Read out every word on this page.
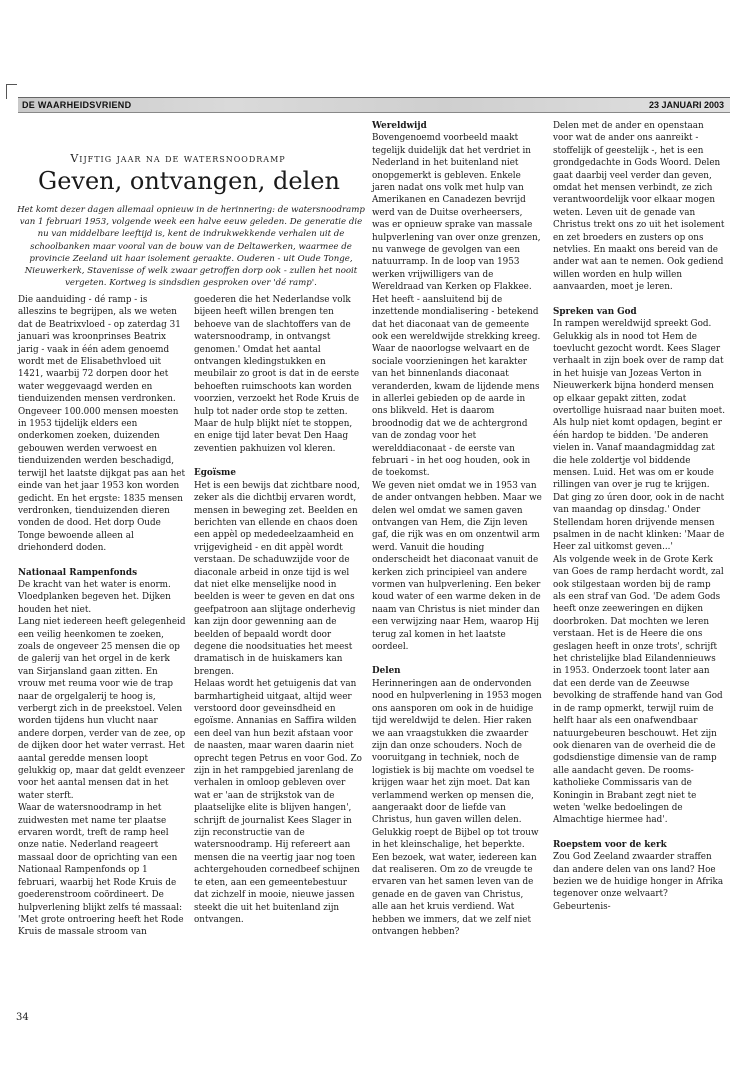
DE WAARHEIDSVRIEND	23 JANUARI 2003
Vijftig jaar na de watersnoodramp
Geven, ontvangen, delen
Het komt dezer dagen allemaal opnieuw in de herinnering: de watersnoodramp van 1 februari 1953, volgende week een halve eeuw geleden. De generatie die nu van middelbare leeftijd is, kent de indrukwekkende verhalen uit de schoolbanken maar vooral van de bouw van de Deltawerken, waarmee de provincie Zeeland uit haar isolement geraakte. Ouderen - uit Oude Tonge, Nieuwerkerk, Stavenisse of welk zwaar getroffen dorp ook - zullen het nooit vergeten. Kortweg is sindsdien gesproken over 'dé ramp'.

Die aanduiding - dé ramp - is alleszins te begrijpen, als we weten dat de Beatrixvloed - op zaterdag 31 januari was kroonprinses Beatrix jarig - vaak in één adem genoemd wordt met de Elisabethvloed uit 1421, waarbij 72 dorpen door het water weggevaagd werden en tienduizenden mensen verdronken. Ongeveer 100.000 mensen moesten in 1953 tijdelijk elders een onderkomen zoeken, duizenden gebouwen werden verwoest en tienduizenden werden beschadigd, terwijl het laatste dijkgat pas aan het einde van het jaar 1953 kon worden gedicht. En het ergste: 1835 mensen verdronken, tienduizenden dieren vonden de dood. Het dorp Oude Tonge bewoende alleen al driehonderd doden.

Nationaal Rampenfonds

De kracht van het water is enorm. Vloedplanken begeven het. Dijken houden het niet.

Lang niet iedereen heeft gelegenheid een veilig heenkomen te zoeken, zoals de ongeveer 25 mensen die op de galerij van het orgel in de kerk van Sirjansland gaan zitten. En vrouw met reuma voor wie de trap naar de orgelgalerij te hoog is, verbergt zich in de preekstoel. Velen worden tijdens hun vlucht naar andere dorpen, verder van de zee, op de dijken door het water verrast. Het aantal geredde mensen loopt gelukkig op, maar dat geldt evenzeer voor het aantal mensen dat in het water sterft.

Waar de watersnoodramp in het zuidwesten met name ter plaatse ervaren wordt, treft de ramp heel onze natie. Nederland reageert massaal door de oprichting van een Nationaal Rampenfonds op 1 februari, waarbij het Rode Kruis de goederenstroom coördineert. De hulpverlening blijkt zelfs té massaal: 'Met grote ontroering heeft het Rode Kruis de massale stroom van

goederen die het Nederlandse volk bijeen heeft willen brengen ten behoeve van de slachtoffers van de watersnoodramp, in ontvangst genomen.' Omdat het aantal ontvangen kledingstukken en meubilair zo groot is dat in de eerste behoeften ruimschoots kan worden voorzien, verzoekt het Rode Kruis de hulp tot nader orde stop te zetten. Maar de hulp blijkt níet te stoppen, en enige tijd later bevat Den Haag zeventien pakhuizen vol kleren.

Egoïsme

Het is een bewijs dat zichtbare nood, zeker als die dichtbij ervaren wordt, mensen in beweging zet. Beelden en berichten van ellende en chaos doen een appèl op mededeelzaamheid en vrijgevigheid - en dit appèl wordt verstaan. De schaduwzijde voor de diaconale arbeid in onze tijd is wel dat niet elke menselijke nood in beelden is weer te geven en dat ons geefpatroon aan slijtage onderhevig kan zijn door gewenning aan de beelden of bepaald wordt door degene die noodsituaties het meest dramatisch in de huiskamers kan brengen.

Helaas wordt het getuigenis dat van barmhartigheid uitgaat, altijd weer verstoord door geveinsdheid en egoïsme. Annanias en Saffira wilden een deel van hun bezit afstaan voor de naasten, maar waren daarin niet oprecht tegen Petrus en voor God. Zo zijn in het rampgebied jarenlang de verhalen in omloop gebleven over wat er 'aan de strijkstok van de plaatselijke elite is blijven hangen', schrijft de journalist Kees Slager in zijn reconstructie van de watersnoodramp. Hij refereert aan mensen die na veertig jaar nog toen achtergehouden cornedbeef schijnen te eten, aan een gemeentebestuur dat zichzelf in mooie, nieuwe jassen steekt die uit het buitenland zijn ontvangen.

Wereldwijd

Bovengenoemd voorbeeld maakt tegelijk duidelijk dat het verdriet in Nederland in het buitenland niet onopgemerkt is gebleven. Enkele jaren nadat ons volk met hulp van Amerikanen en Canadezen bevrijd werd van de Duitse overheersers, was er opnieuw sprake van massale hulpverlening van over onze grenzen, nu vanwege de gevolgen van een natuurramp. In de loop van 1953 werken vrijwilligers van de Wereldraad van Kerken op Flakkee. Het heeft - aansluitend bij de inzettende mondialisering - betekend dat het diaconaat van de gemeente ook een wereldwijde strekking kreeg. Waar de naoorlogse welvaart en de sociale voorzieningen het karakter van het binnenlands diaconaat veranderden, kwam de lijdende mens in allerlei gebieden op de aarde in ons blikveld. Het is daarom broodnodig dat we de achtergrond van de zondag voor het werelddiaconaat - de eerste van februari - in het oog houden, ook in de toekomst.

We geven niet omdat we in 1953 van de ander ontvangen hebben. Maar we delen wel omdat we samen gaven ontvangen van Hem, die Zijn leven gaf, die rijk was en om onzentwil arm werd. Vanuit die houding onderscheidt het diaconaat vanuit de kerken zich principieel van andere vormen van hulpverlening. Een beker koud water of een warme deken in de naam van Christus is niet minder dan een verwijzing naar Hem, waarop Hij terug zal komen in het laatste oordeel.

Delen

Herinneringen aan de ondervonden nood en hulpverlening in 1953 mogen ons aansporen om ook in de huidige tijd wereldwijd te delen. Hier raken we aan vraagstukken die zwaarder zijn dan onze schouders. Noch de vooruitgang in techniek, noch de logistiek is bij machte om voedsel te krijgen waar het zijn moet. Dat kan verlammend werken op mensen die, aangeraakt door de liefde van Christus, hun gaven willen delen. Gelukkig roept de Bijbel op tot trouw in het kleinschalige, het beperkte. Een bezoek, wat water, iedereen kan dat realiseren. Om zo de vreugde te ervaren van het samen leven van de genade en de gaven van Christus, alle aan het kruis verdiend. Wat hebben we immers, dat we zelf niet ontvangen hebben?

Delen met de ander en openstaan voor wat de ander ons aanreikt - stoffelijk of geestelijk -, het is een grondgedachte in Gods Woord. Delen gaat daarbij veel verder dan geven, omdat het mensen verbindt, ze zich verantwoordelijk voor elkaar mogen weten. Leven uit de genade van Christus trekt ons zo uit het isolement en zet broeders en zusters op ons netvlies. En maakt ons bereid van de ander wat aan te nemen. Ook gediend willen worden en hulp willen aanvaarden, moet je leren.

Spreken van God

In rampen wereldwijd spreekt God. Gelukkig als in nood tot Hem de toevlucht gezocht wordt. Kees Slager verhaalt in zijn boek over de ramp dat in het huisje van Jozeas Verton in Nieuwerkerk bijna honderd mensen op elkaar gepakt zitten, zodat overtollige huisraad naar buiten moet. Als hulp niet komt opdagen, begint er één hardop te bidden. 'De anderen vielen in. Vanaf maandagmiddag zat die hele zoldertje vol biddende mensen. Luid. Het was om er koude rillingen van over je rug te krijgen. Dat ging zo úren door, ook in de nacht van maandag op dinsdag.' Onder Stellendam horen drijvende mensen psalmen in de nacht klinken: 'Maar de Heer zal uitkomst geven...'

Als volgende week in de Grote Kerk van Goes de ramp herdacht wordt, zal ook stilgestaan worden bij de ramp als een straf van God. 'De adem Gods heeft onze zeeweringen en dijken doorbroken. Dat mochten we leren verstaan. Het is de Heere die ons geslagen heeft in onze trots', schrijft het christelijke blad Eilandennieuws in 1953. Onderzoek toont later aan dat een derde van de Zeeuwse bevolking de straffende hand van God in de ramp opmerkt, terwijl ruim de helft haar als een onafwendbaar natuurgebeuren beschouwt. Het zijn ook dienaren van de overheid die de godsdienstige dimensie van de ramp alle aandacht geven. De rooms-katholieke Commissaris van de Koningin in Brabant zegt niet te weten 'welke bedoelingen de Almachtige hiermee had'.

Roepstem voor de kerk

Zou God Zeeland zwaarder straffen dan andere delen van ons land? Hoe bezien we de huidige honger in Afrika tegenover onze welvaart? Gebeurtenis-

34
